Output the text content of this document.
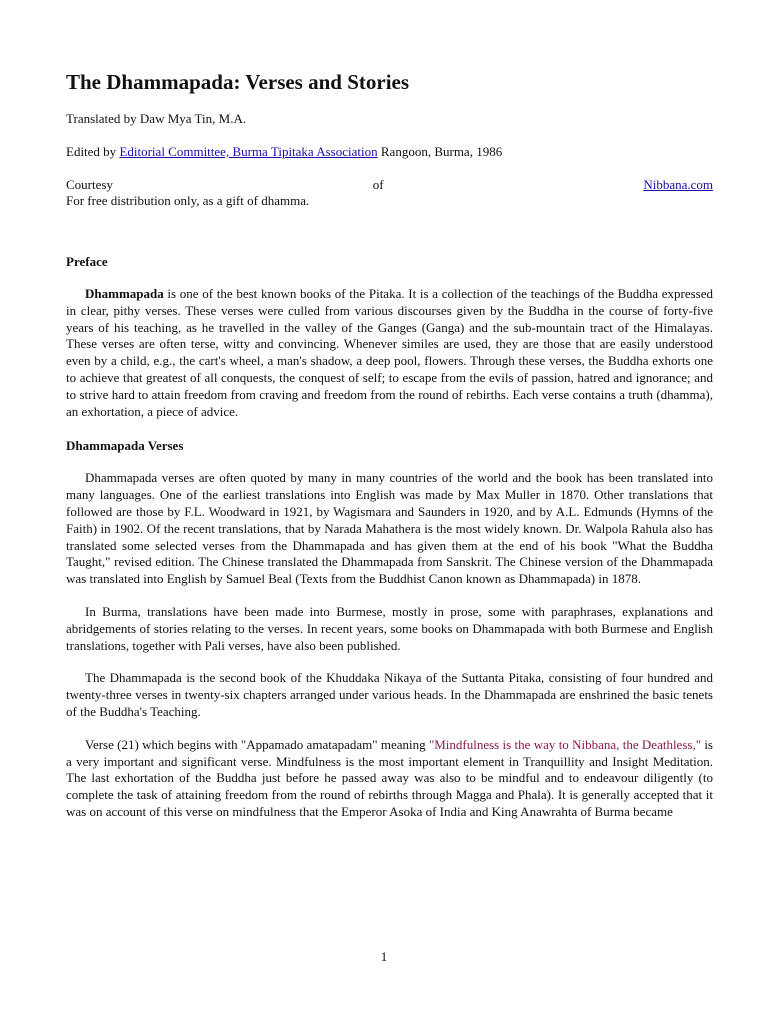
The Dhammapada: Verses and Stories

Translated by Daw Mya Tin, M.A.

Edited by Editorial Committee, Burma Tipitaka Association Rangoon, Burma, 1986

Courtesy	of	Nibbana.com

For free distribution only, as a gift of dhamma.

Preface

Dhammapada is one of the best known books of the Pitaka. It is a collection of the teachings of the Buddha expressed in clear, pithy verses. These verses were culled from various discourses given by the Buddha in the course of forty-five years of his teaching, as he travelled in the valley of the Ganges (Ganga) and the sub-mountain tract of the Himalayas. These verses are often terse, witty and convincing. Whenever similes are used, they are those that are easily understood even by a child, e.g., the cart's wheel, a man's shadow, a deep pool, flowers. Through these verses, the Buddha exhorts one to achieve that greatest of all conquests, the conquest of self; to escape from the evils of passion, hatred and ignorance; and to strive hard to attain freedom from craving and freedom from the round of rebirths. Each verse contains a truth (dhamma), an exhortation, a piece of advice.

Dhammapada Verses

Dhammapada verses are often quoted by many in many countries of the world and the book has been translated into many languages. One of the earliest translations into English was made by Max Muller in 1870. Other translations that followed are those by F.L. Woodward in 1921, by Wagismara and Saunders in 1920, and by A.L. Edmunds (Hymns of the Faith) in 1902. Of the recent translations, that by Narada Mahathera is the most widely known. Dr. Walpola Rahula also has translated some selected verses from the Dhammapada and has given them at the end of his book "What the Buddha Taught," revised edition. The Chinese translated the Dhammapada from Sanskrit. The Chinese version of the Dhammapada was translated into English by Samuel Beal (Texts from the Buddhist Canon known as Dhammapada) in 1878.

In Burma, translations have been made into Burmese, mostly in prose, some with paraphrases, explanations and abridgements of stories relating to the verses. In recent years, some books on Dhammapada with both Burmese and English translations, together with Pali verses, have also been published.

The Dhammapada is the second book of the Khuddaka Nikaya of the Suttanta Pitaka, consisting of four hundred and twenty-three verses in twenty-six chapters arranged under various heads. In the Dhammapada are enshrined the basic tenets of the Buddha's Teaching.

Verse (21) which begins with "Appamado amatapadam" meaning "Mindfulness is the way to Nibbana, the Deathless," is a very important and significant verse. Mindfulness is the most important element in Tranquillity and Insight Meditation. The last exhortation of the Buddha just before he passed away was also to be mindful and to endeavour diligently (to complete the task of attaining freedom from the round of rebirths through Magga and Phala). It is generally accepted that it was on account of this verse on mindfulness that the Emperor Asoka of India and King Anawrahta of Burma became

1
